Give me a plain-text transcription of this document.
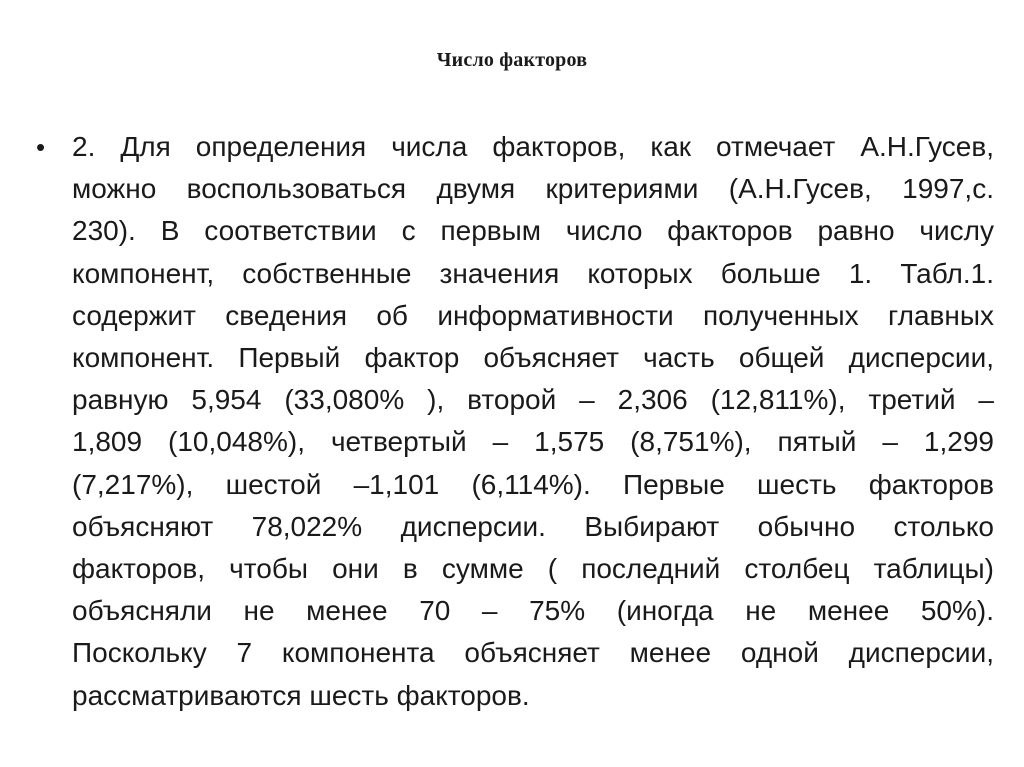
Число факторов
• 2. Для определения числа факторов, как отмечает А.Н.Гусев,
можно воспользоваться двумя критериями (А.Н.Гусев, 1997,с.
230). В соответствии с первым число факторов равно числу
компонент, собственные значения которых больше 1. Табл.1.
содержит сведения об информативности полученных главных
компонент. Первый фактор объясняет часть общей дисперсии,
равную 5,954 (33,080% ), второй – 2,306 (12,811%), третий –
1,809 (10,048%), четвертый – 1,575 (8,751%), пятый – 1,299
(7,217%), шестой –1,101 (6,114%). Первые шесть факторов
объясняют 78,022% дисперсии. Выбирают обычно столько
факторов, чтобы они в сумме ( последний столбец таблицы)
объясняли не менее 70 – 75% (иногда не менее 50%).
Поскольку 7 компонента объясняет менее одной дисперсии,
рассматриваются шесть факторов.
